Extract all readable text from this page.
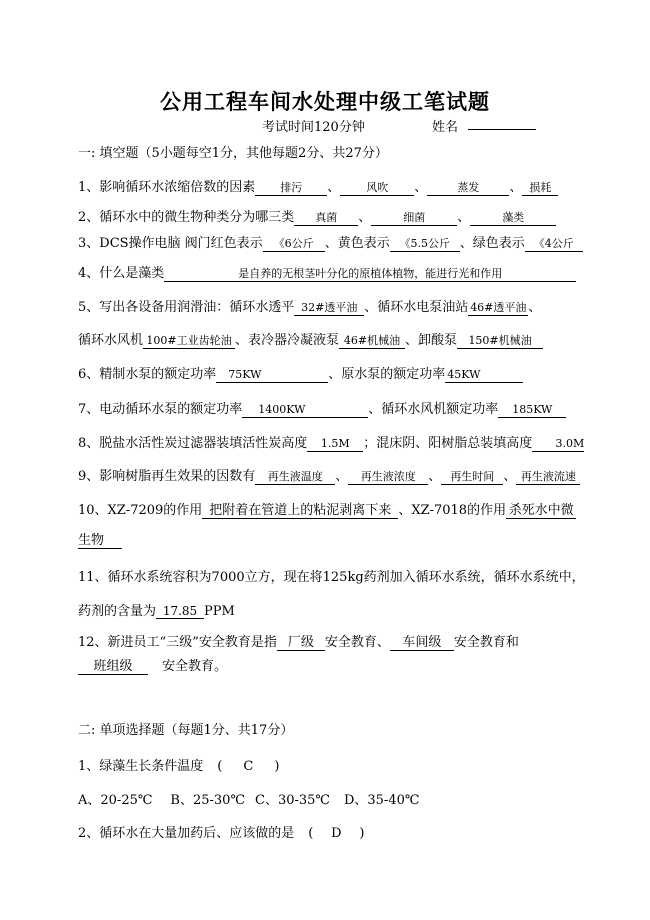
公用工程车间水处理中级工笔试题
考试时间120分钟	姓名
一: 填空题（5小题每空1分，其他每题2分、共27分）
1、影响循环水浓缩倍数的因素 排污 、 风吹 、	蒸发 、 损耗
2、循环水中的微生物种类分为哪三类 真菌 、	细菌 、	藻类
3、DCS操作电脑 阀门红色表示 《6公斤 、黄色表示 《5.5公斤 、绿色表示 《4公斤
4、什么是藻类	是自养的无根茎叶分化的原植体植物，能进行光和作用
5、写出各设备用润滑油：循环水透平 32#透平油 、循环水电泵油站 46#透平油 、
循环水风机 100#工业齿轮油 、表冷器冷凝液泵 46#机械油 、卸酸泵 150#机械油
6、精制水泵的额定功率 75KW	、原水泵的额定功率 45KW
7、电动循环水泵的额定功率 1400KW	、循环水风机额定功率 185KW
8、脱盐水活性炭过滤器装填活性炭高度 1.5M ；混床阴、阳树脂总装填高度 3.0M
9、影响树脂再生效果的因数有 再生液温度 、 再生液浓度 、 再生时间 、 再生液流速
10、XZ-7209的作用 把附着在管道上的粘泥剥离下来 、XZ-7018的作用 杀死水中微
生物
11、循环水系统容积为7000立方，现在将125kg药剂加入循环水系统，循环水系统中，
药剂的含量为 17.85 PPM
12、新进员工“三级”安全教育是指 厂级 安全教育、 车间级 安全教育和
班组级 安全教育。
二: 单项选择题（每题1分、共17分）
1、绿藻生长条件温度 ( C )
A、20-25℃ B、25-30℃ C、30-35℃ D、35-40℃
2、循环水在大量加药后、应该做的是 ( D )
